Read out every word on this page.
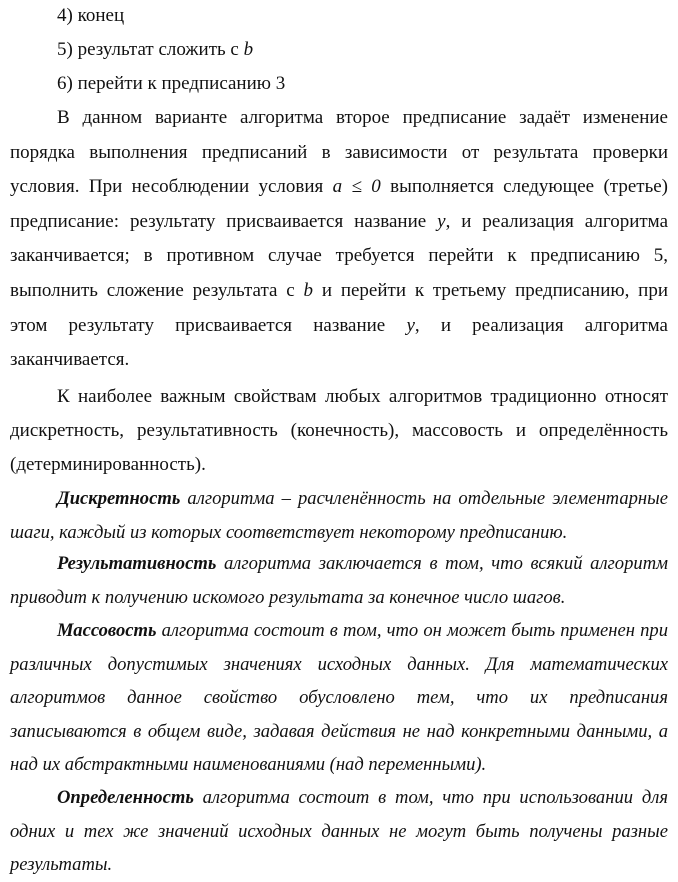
4) конец
5) результат сложить с b
6) перейти к предписанию 3

В данном варианте алгоритма второе предписание задаёт изменение порядка выполнения предписаний в зависимости от результата проверки условия. При несоблюдении условия a ≤ 0 выполняется следующее (третье) предписание: результату присваивается название y, и реализация алгоритма заканчивается; в противном случае требуется перейти к предписанию 5, выполнить сложение результата с b и перейти к третьему предписанию, при этом результату присваивается название y, и реализация алгоритма заканчивается.

К наиболее важным свойствам любых алгоритмов традиционно относят дискретность, результативность (конечность), массовость и определённость (детерминированность).

Дискретность алгоритма – расчленённость на отдельные элементарные шаги, каждый из которых соответствует некоторому предписанию.

Результативность алгоритма заключается в том, что всякий алгоритм приводит к получению искомого результата за конечное число шагов.

Массовость алгоритма состоит в том, что он может быть применен при различных допустимых значениях исходных данных. Для математических алгоритмов данное свойство обусловлено тем, что их предписания записываются в общем виде, задавая действия не над конкретными данными, а над их абстрактными наименованиями (над переменными).

Определенность алгоритма состоит в том, что при использовании для одних и тех же значений исходных данных не могут быть получены разные результаты.
